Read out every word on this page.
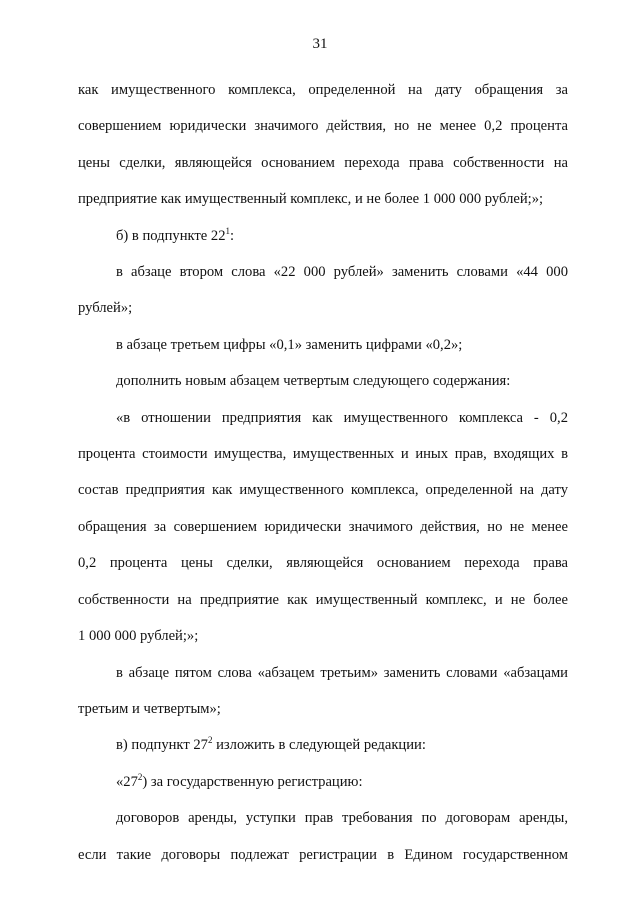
31
как имущественного комплекса, определенной на дату обращения за
совершением юридически значимого действия, но не менее 0,2 процента
цены сделки, являющейся основанием перехода права собственности на
предприятие как имущественный комплекс, и не более 1 000 000 рублей;»;
б) в подпункте $22^1$:
в абзаце втором слова «22 000 рублей» заменить словами «44 000
рублей»;
в абзаце третьем цифры «0,1» заменить цифрами «0,2»;
дополнить новым абзацем четвертым следующего содержания:
«в отношении предприятия как имущественного комплекса - 0,2
процента стоимости имущества, имущественных и иных прав, входящих в
состав предприятия как имущественного комплекса, определенной на дату
обращения за совершением юридически значимого действия, но не менее
0,2 процента цены сделки, являющейся основанием перехода права
собственности на предприятие как имущественный комплекс, и не более
1 000 000 рублей;»;
в абзаце пятом слова «абзацем третьим» заменить словами «абзацами
третьим и четвертым»;
в) подпункт $27^2$ изложить в следующей редакции:
«$27^2$) за государственную регистрацию:
договоров аренды, уступки прав требования по договорам аренды,
если такие договоры подлежат регистрации в Едином государственном
